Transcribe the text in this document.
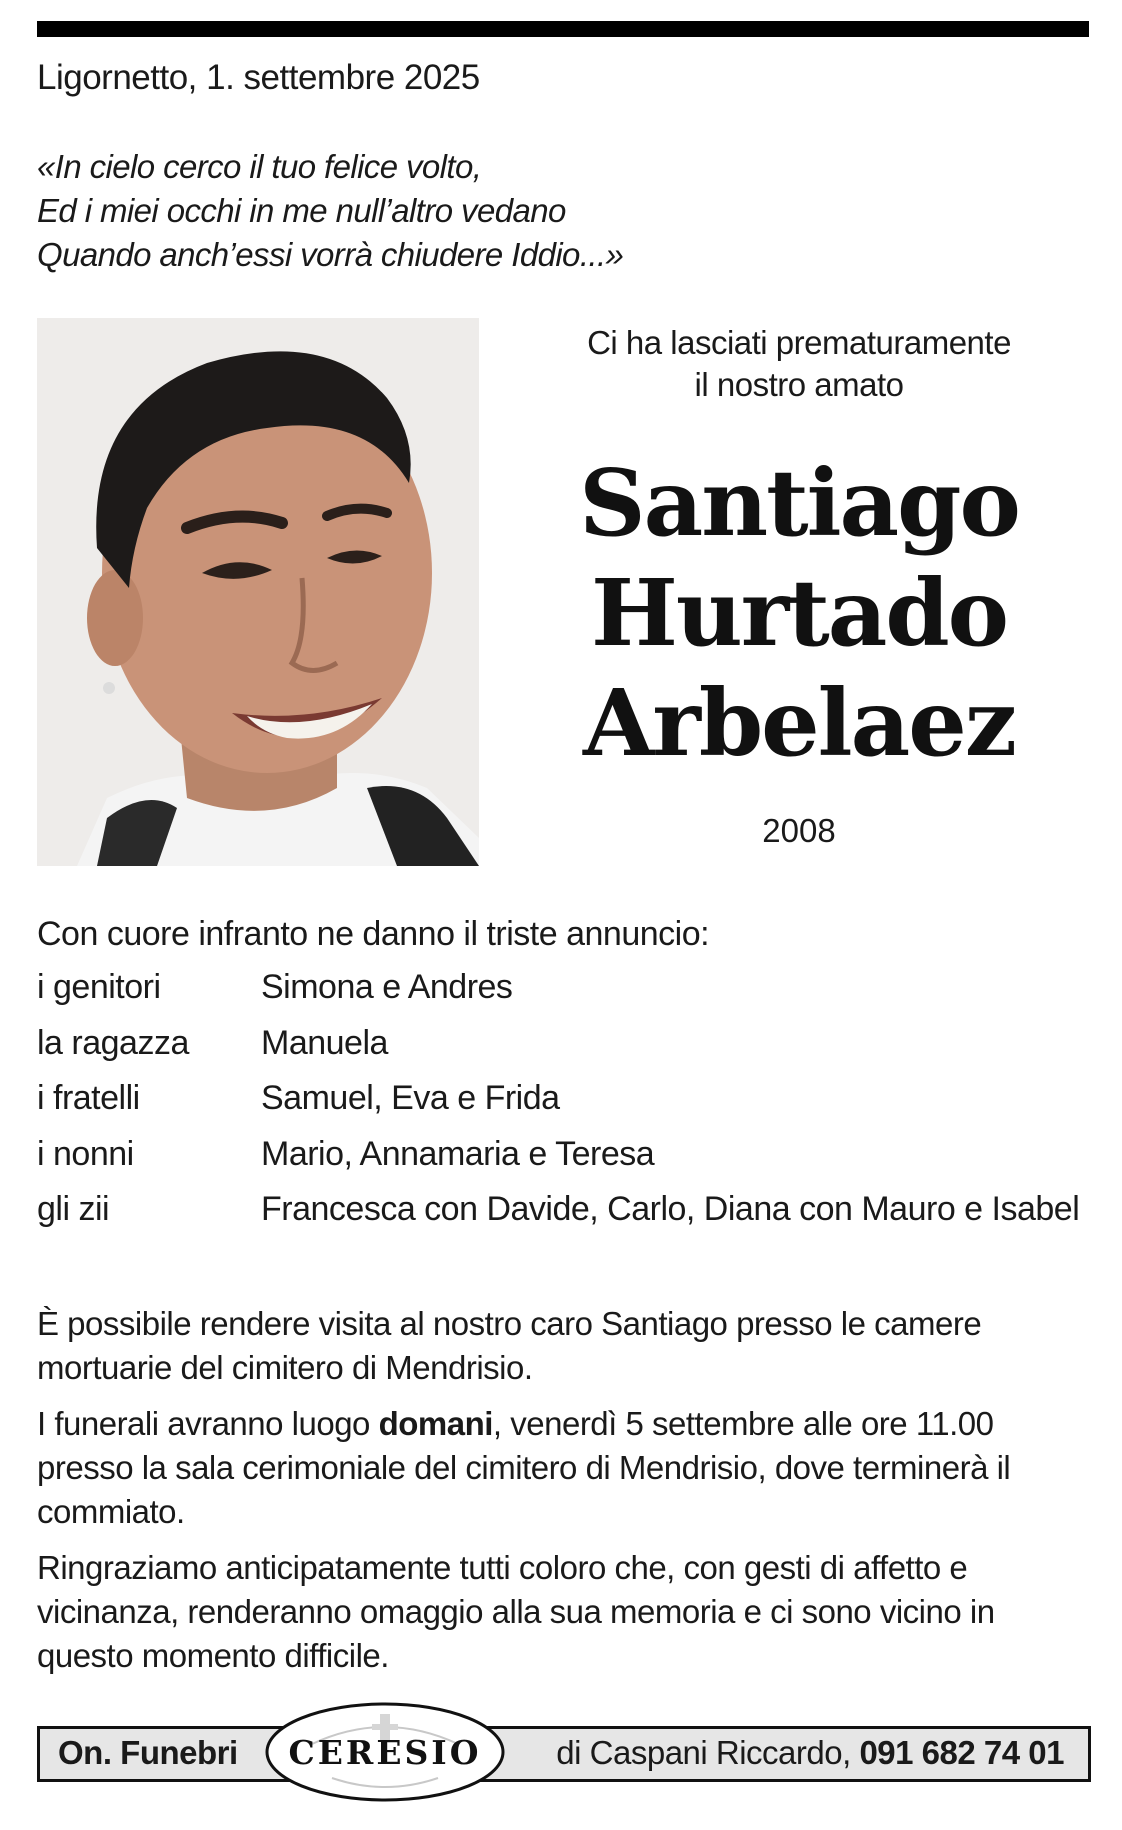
Ligornetto, 1. settembre 2025
«In cielo cerco il tuo felice volto,
Ed i miei occhi in me null’altro vedano
Quando anch’essi vorrà chiudere Iddio...»
Ci ha lasciati prematuramente
il nostro amato
Santiago
Hurtado
Arbelaez
2008
Con cuore infranto ne danno il triste annuncio:
i genitori	Simona e Andres
la ragazza	Manuela
i fratelli	Samuel, Eva e Frida
i nonni	Mario, Annamaria e Teresa
gli zii	Francesca con Davide, Carlo, Diana con Mauro e Isabel

È possibile rendere visita al nostro caro Santiago presso le camere mortuarie del cimitero di Mendrisio.

I funerali avranno luogo domani, venerdì 5 settembre alle ore 11.00 presso la sala cerimoniale del cimitero di Mendrisio, dove terminerà il commiato.

Ringraziamo anticipatamente tutti coloro che, con gesti di affetto e vicinanza, renderanno omaggio alla sua memoria e ci sono vicino in questo momento difficile.

On. Funebri	di Caspani Riccardo, 091 682 74 01
CERESIO
